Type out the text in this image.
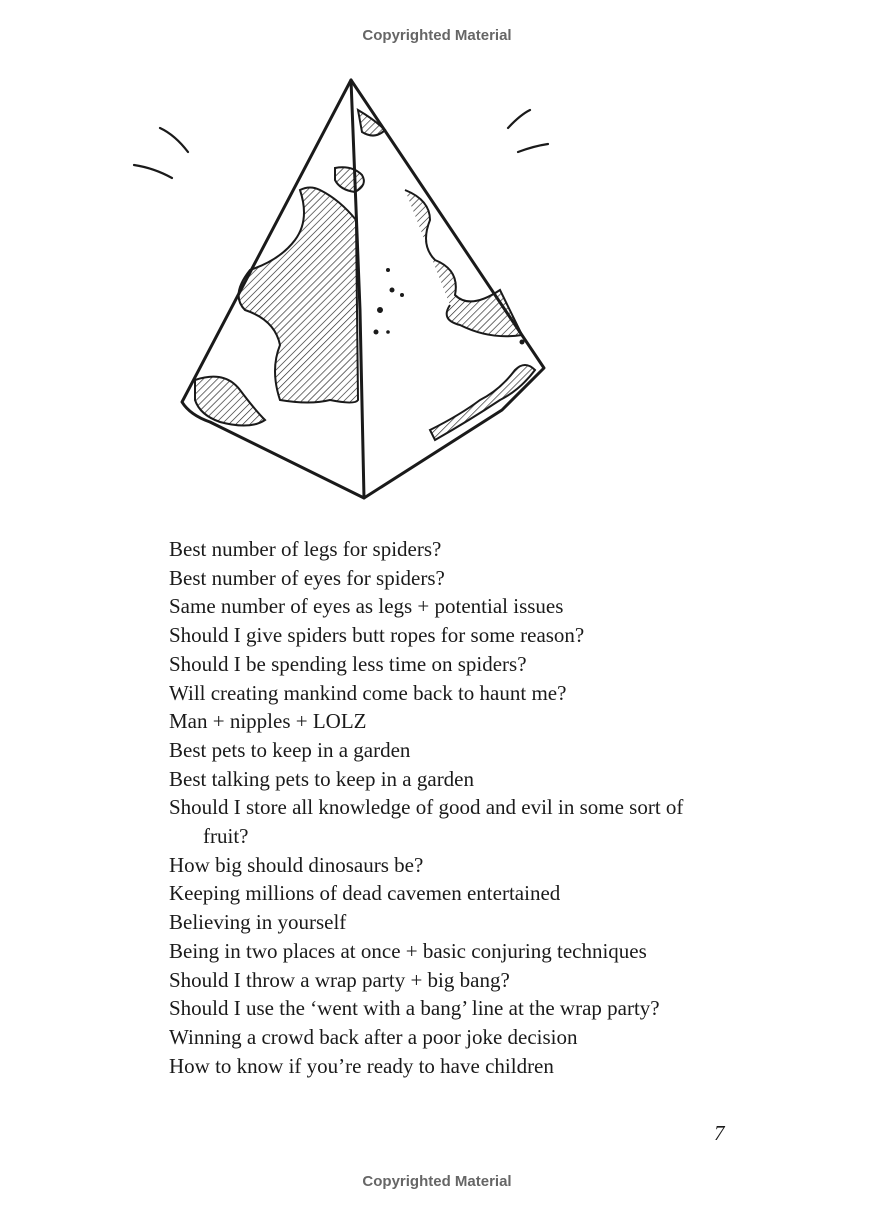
Copyrighted Material
Best number of legs for spiders?
Best number of eyes for spiders?
Same number of eyes as legs + potential issues
Should I give spiders butt ropes for some reason?
Should I be spending less time on spiders?
Will creating mankind come back to haunt me?
Man + nipples + LOLZ
Best pets to keep in a garden
Best talking pets to keep in a garden
Should I store all knowledge of good and evil in some sort of fruit?
How big should dinosaurs be?
Keeping millions of dead cavemen entertained
Believing in yourself
Being in two places at once + basic conjuring techniques
Should I throw a wrap party + big bang?
Should I use the ‘went with a bang’ line at the wrap party?
Winning a crowd back after a poor joke decision
How to know if you’re ready to have children
7
Copyrighted Material
